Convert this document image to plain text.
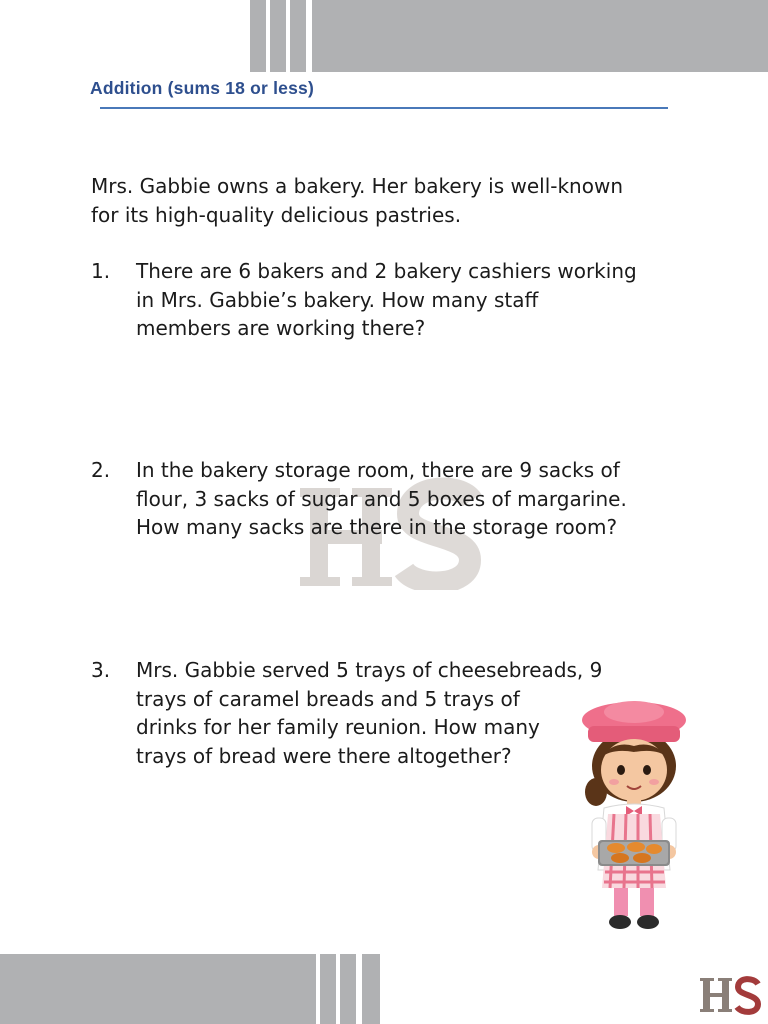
Addition (sums 18 or less)
Mrs. Gabbie owns a bakery. Her bakery is well-known
for its high-quality delicious pastries.
1. There are 6 bakers and 2 bakery cashiers working
in Mrs. Gabbie’s bakery. How many staff
members are working there?
2. In the bakery storage room, there are 9 sacks of
flour, 3 sacks of sugar and 5 boxes of margarine.
How many sacks are there in the storage room?
3. Mrs. Gabbie served 5 trays of cheesebreads, 9
trays of caramel breads and 5 trays of
drinks for her family reunion. How many
trays of bread were there altogether?
